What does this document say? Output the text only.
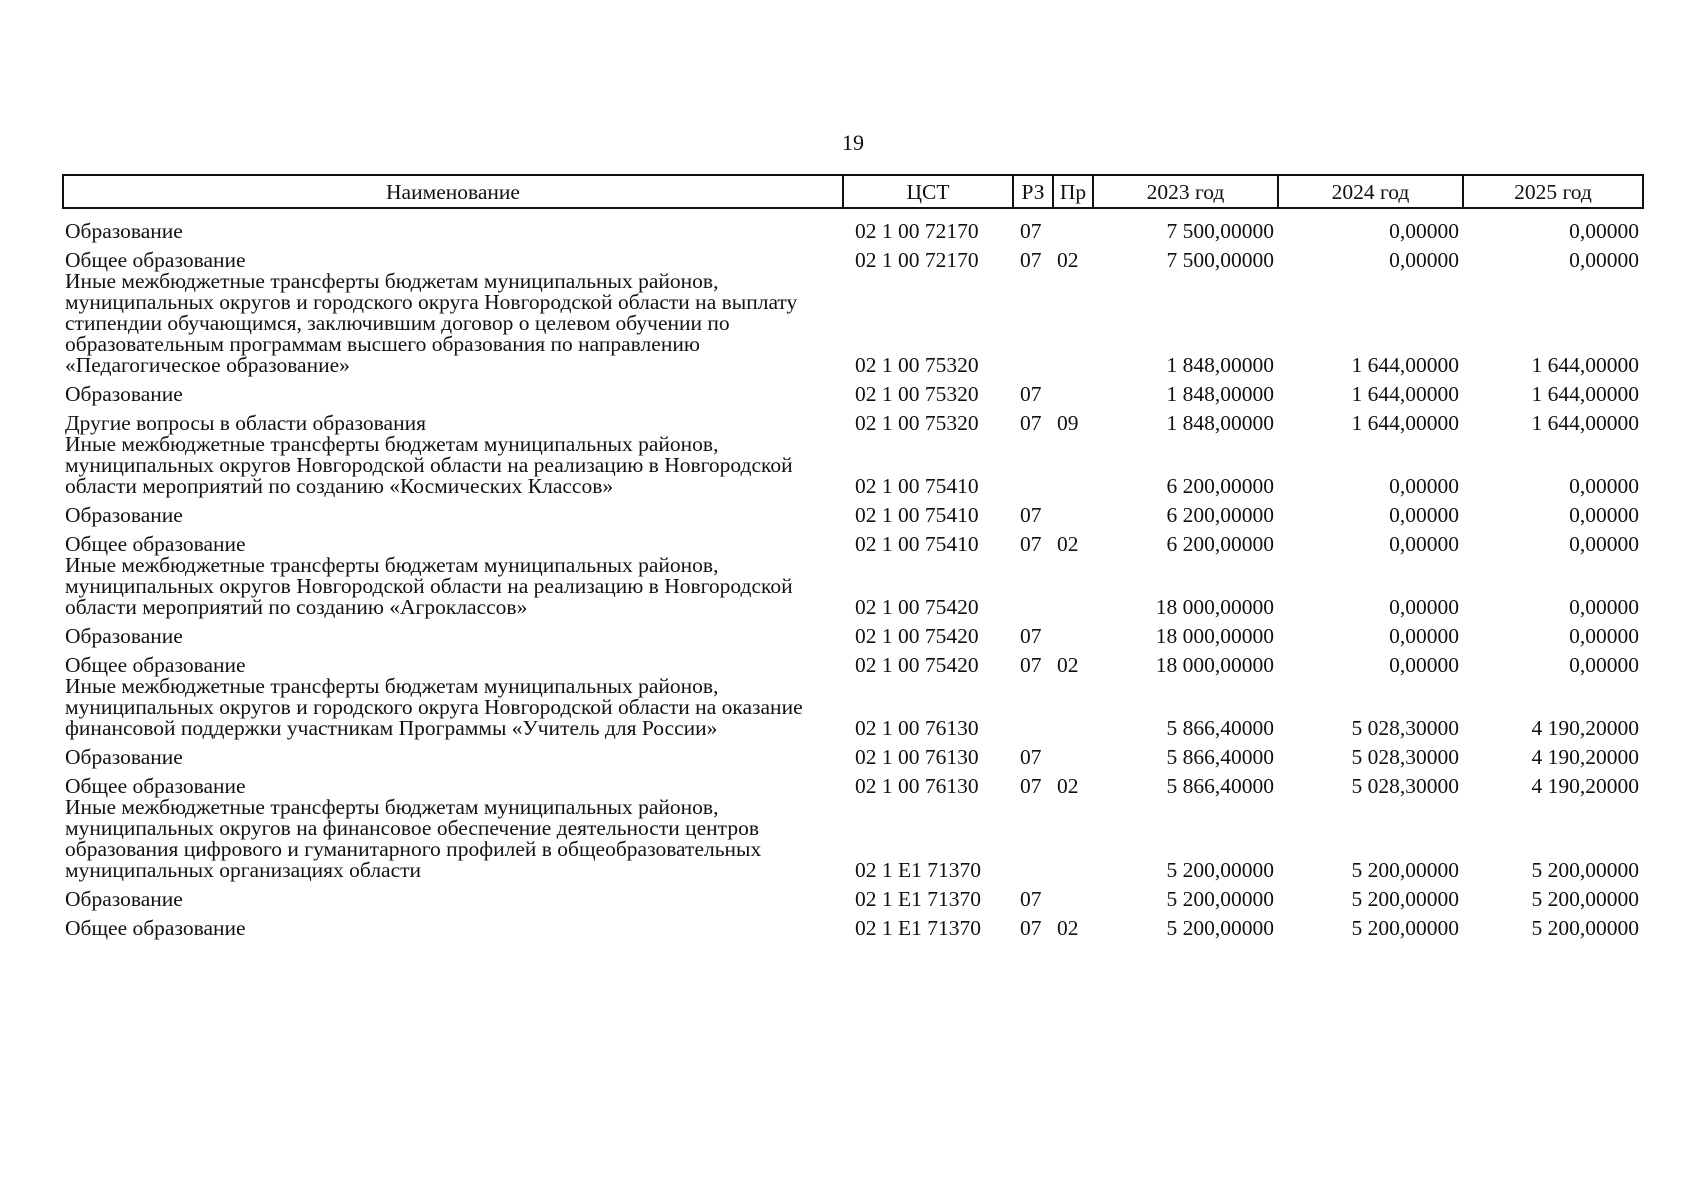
19
Наименование	ЦСТ	РЗ	Пр	2023 год	2024 год	2025 год
Образование	02 1 00 72170	07		7 500,00000	0,00000	0,00000
Общее образование	02 1 00 72170	07	02	7 500,00000	0,00000	0,00000
Иные межбюджетные трансферты бюджетам муниципальных районов, муниципальных округов и городского округа Новгородской области на выплату стипендии обучающимся, заключившим договор о целевом обучении по образовательным программам высшего образования по направлению «Педагогическое образование»	02 1 00 75320			1 848,00000	1 644,00000	1 644,00000
Образование	02 1 00 75320	07		1 848,00000	1 644,00000	1 644,00000
Другие вопросы в области образования	02 1 00 75320	07	09	1 848,00000	1 644,00000	1 644,00000
Иные межбюджетные трансферты бюджетам муниципальных районов, муниципальных округов Новгородской области на реализацию в Новгородской области мероприятий по созданию «Космических Классов»	02 1 00 75410			6 200,00000	0,00000	0,00000
Образование	02 1 00 75410	07		6 200,00000	0,00000	0,00000
Общее образование	02 1 00 75410	07	02	6 200,00000	0,00000	0,00000
Иные межбюджетные трансферты бюджетам муниципальных районов, муниципальных округов Новгородской области на реализацию в Новгородской области мероприятий по созданию «Агроклассов»	02 1 00 75420			18 000,00000	0,00000	0,00000
Образование	02 1 00 75420	07		18 000,00000	0,00000	0,00000
Общее образование	02 1 00 75420	07	02	18 000,00000	0,00000	0,00000
Иные межбюджетные трансферты бюджетам муниципальных районов, муниципальных округов и городского округа Новгородской области на оказание финансовой поддержки участникам Программы «Учитель для России»	02 1 00 76130			5 866,40000	5 028,30000	4 190,20000
Образование	02 1 00 76130	07		5 866,40000	5 028,30000	4 190,20000
Общее образование	02 1 00 76130	07	02	5 866,40000	5 028,30000	4 190,20000
Иные межбюджетные трансферты бюджетам муниципальных районов, муниципальных округов на финансовое обеспечение деятельности центров образования цифрового и гуманитарного профилей в общеобразовательных муниципальных организациях области	02 1 E1 71370			5 200,00000	5 200,00000	5 200,00000
Образование	02 1 E1 71370	07		5 200,00000	5 200,00000	5 200,00000
Общее образование	02 1 E1 71370	07	02	5 200,00000	5 200,00000	5 200,00000
